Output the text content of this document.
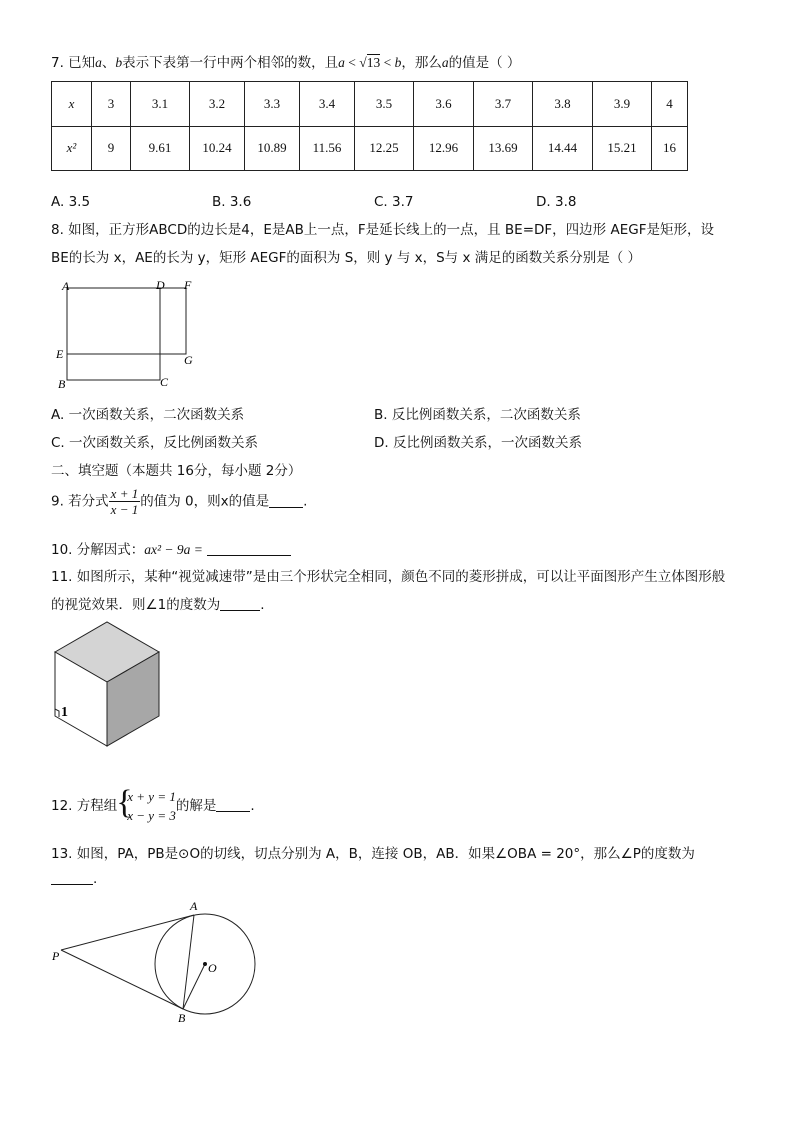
7. 已知a、b表示下表第一行中两个相邻的数，且a < √13 < b，那么a的值是（ ）
x	3	3.1	3.2	3.3	3.4	3.5	3.6	3.7	3.8	3.9	4
x²	9	9.61	10.24	10.89	11.56	12.25	12.96	13.69	14.44	15.21	16
A. 3.5	B. 3.6	C. 3.7	D. 3.8
8. 如图，正方形ABCD的边长是4，E是AB上一点，F是延长线上的一点，且 BE=DF，四边形 AEGF是矩形，设
BE的长为 x，AE的长为 y，矩形 AEGF的面积为 S，则 y 与 x，S与 x 满足的函数关系分别是（ ）
A	D F
E	G
B	C
A. 一次函数关系，二次函数关系	B. 反比例函数关系，二次函数关系
C. 一次函数关系，反比例函数关系	D. 反比例函数关系，一次函数关系
二、填空题（本题共 16分，每小题 2分）
9. 若分式 $\frac{x + 1}{x - 1}$ 的值为 0，则x的值是	.
10. 分解因式：ax² − 9a =
11. 如图所示，某种“视觉减速带”是由三个形状完全相同，颜色不同的菱形拼成，可以让平面图形产生立体图形般
的视觉效果．则∠1的度数为	.
1
12. 方程组 {
x + y = 1
x − y = 3
的解是	.
13. 如图，PA，PB是⊙O的切线，切点分别为 A，B，连接 OB，AB．如果∠OBA = 20°，那么∠P的度数为
.
A
B
P
O
